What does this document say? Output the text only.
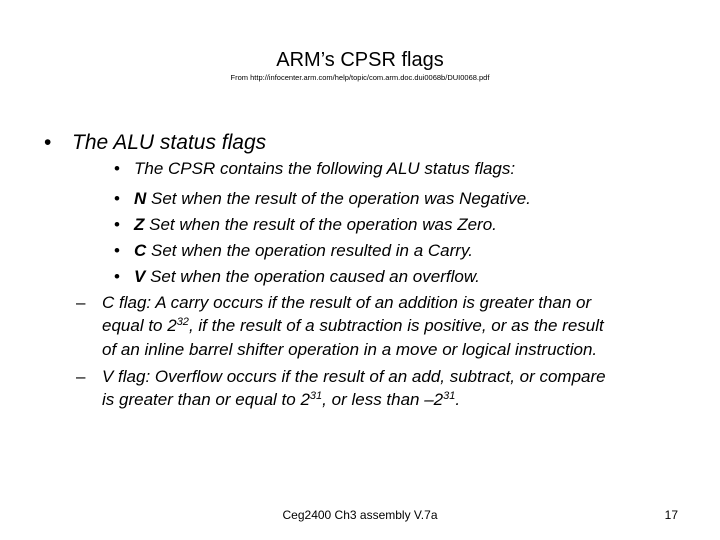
ARM’s CPSR flags
From http://infocenter.arm.com/help/topic/com.arm.doc.dui0068b/DUI0068.pdf
• The ALU status flags
• The CPSR contains the following ALU status flags:
• N Set when the result of the operation was Negative.
• Z Set when the result of the operation was Zero.
• C Set when the operation resulted in a Carry.
• V Set when the operation caused an overflow.
– C flag: A carry occurs if the result of an addition is greater than or
equal to $2^{32}$, if the result of a subtraction is positive, or as the result
of an inline barrel shifter operation in a move or logical instruction.
– V flag: Overflow occurs if the result of an add, subtract, or compare
is greater than or equal to $2^{31}$, or less than $-2^{31}$.
Ceg2400 Ch3 assembly V.7a	17
